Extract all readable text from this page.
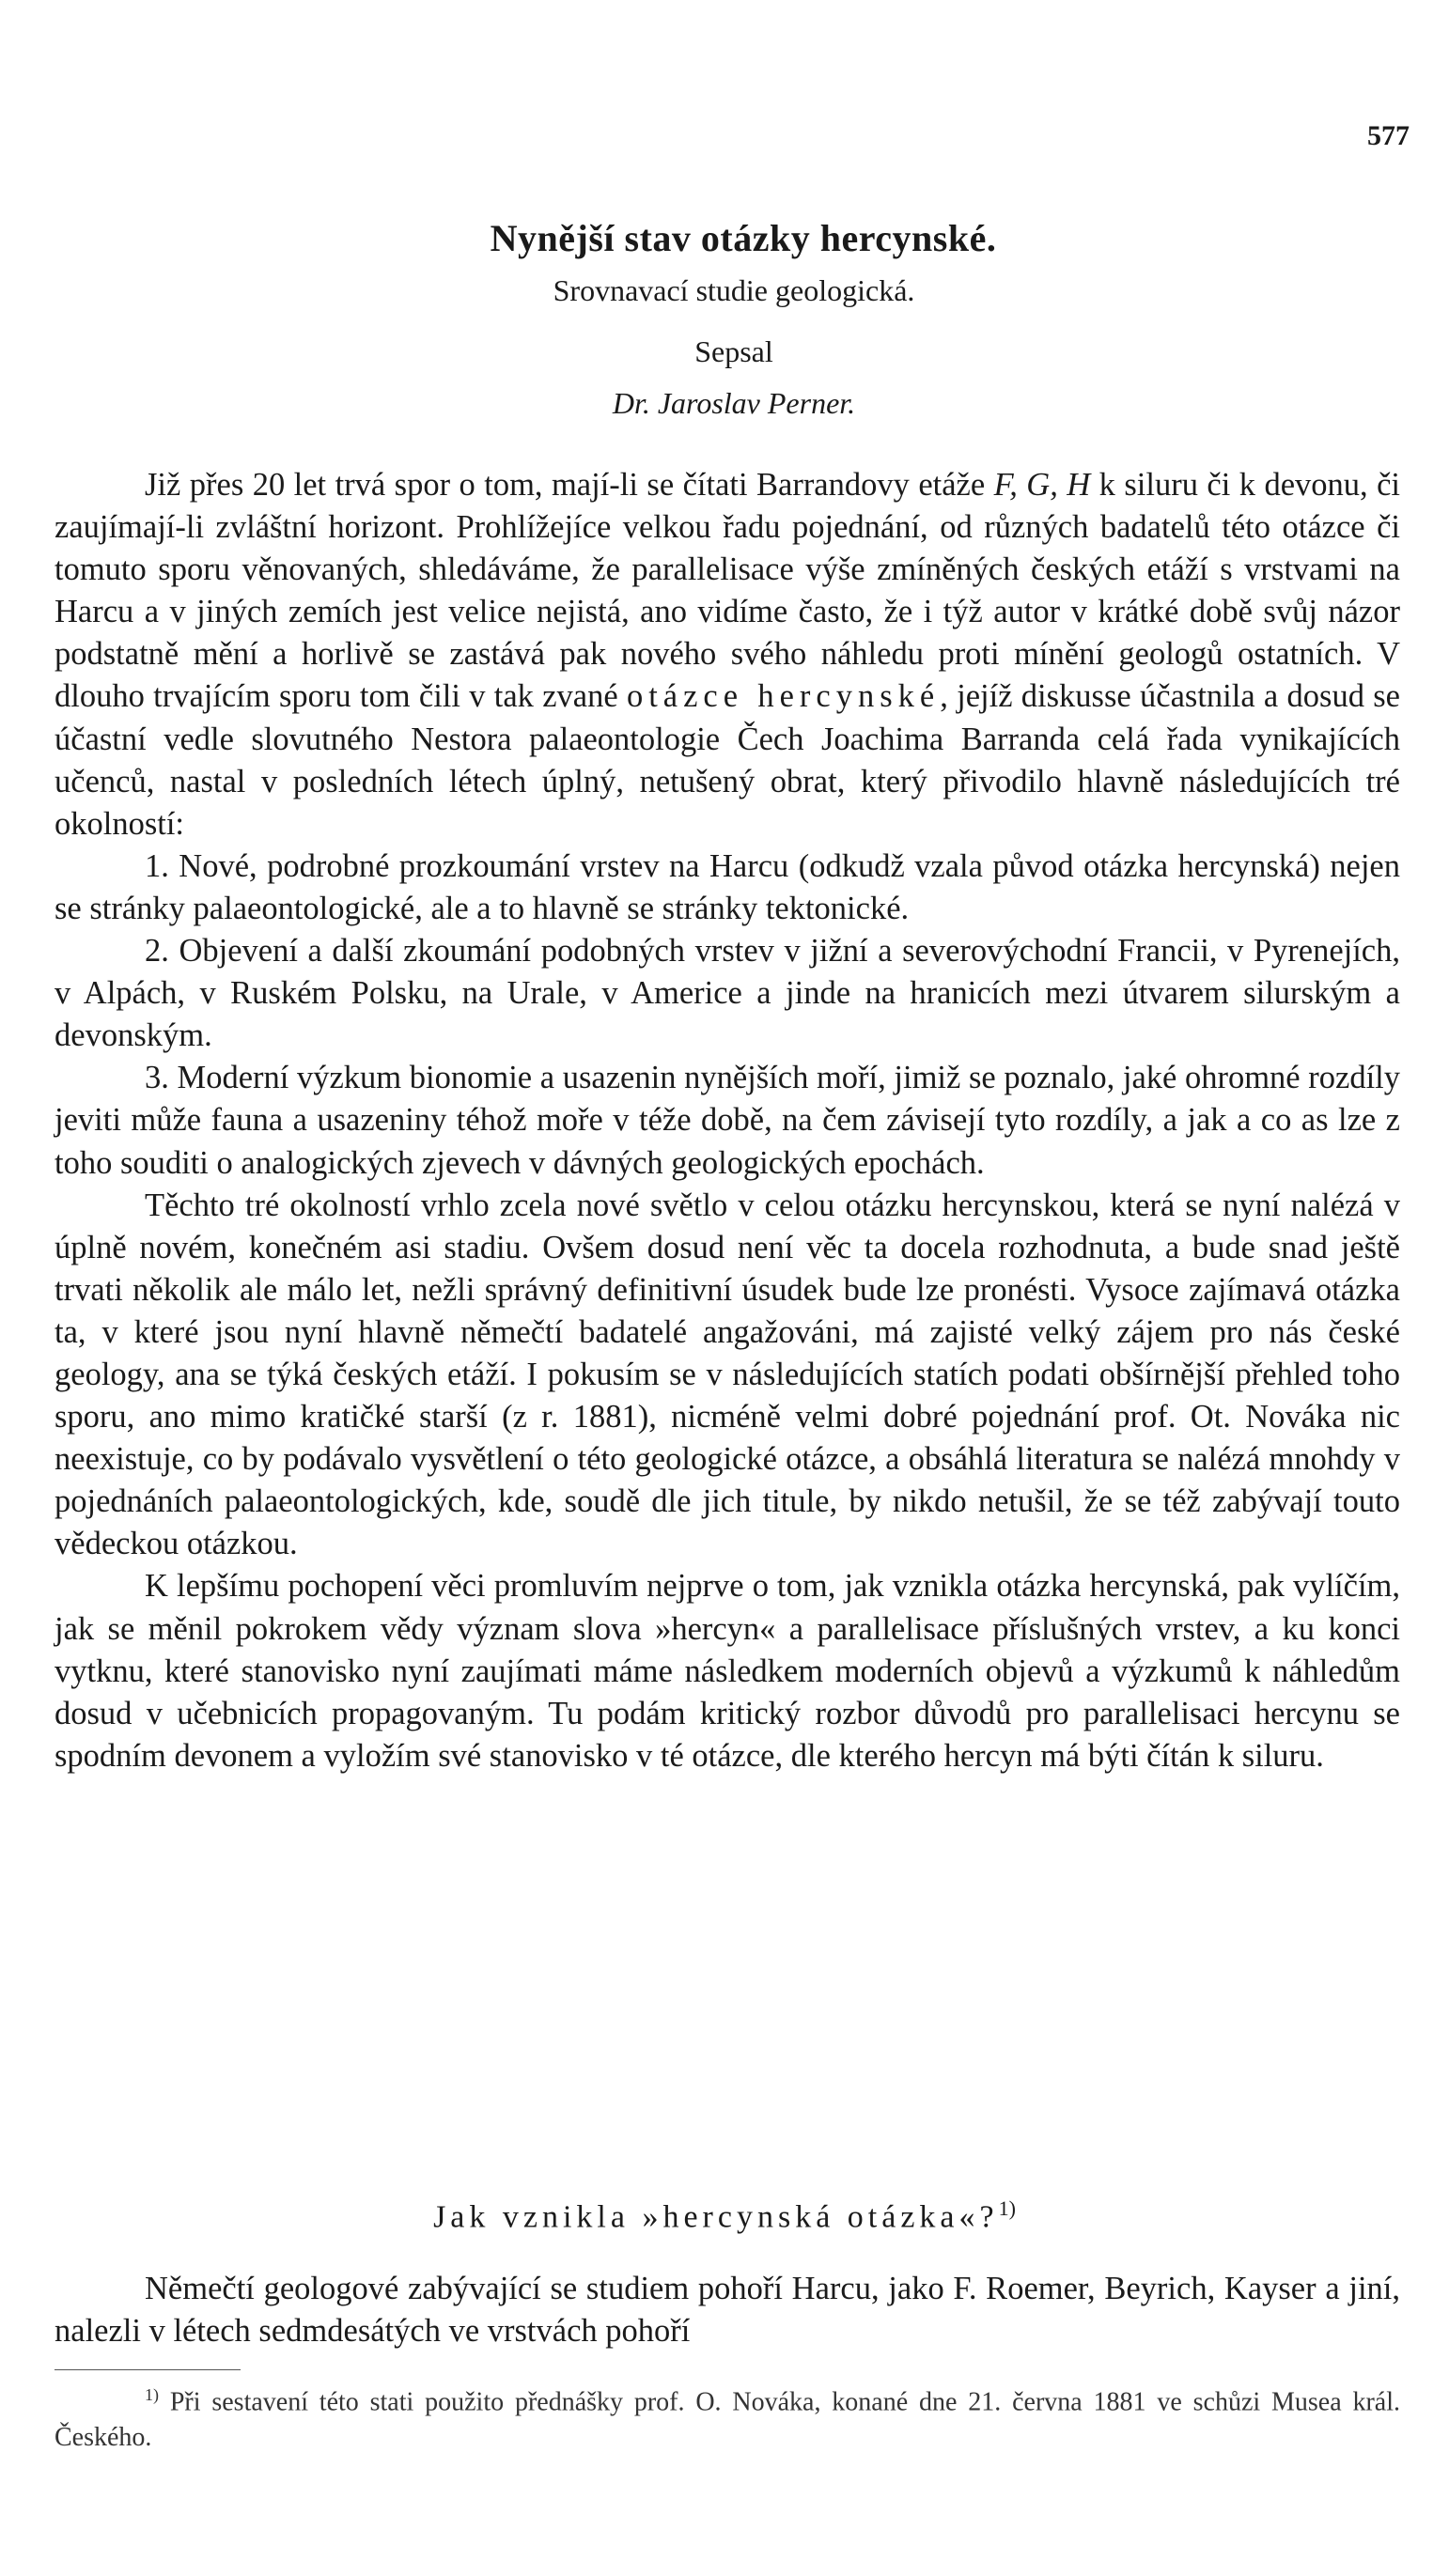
577
Nynější stav otázky hercynské.
Srovnavací studie geologická.
Sepsal
Dr. Jaroslav Perner.

Již přes 20 let trvá spor o tom, mají-li se čítati Barrandovy etáže F, G, H k siluru či k devonu, či zaujímají-li zvláštní horizont. Prohlížejíce velkou řadu pojednání, od různých badatelů této otázce či tomuto sporu věnovaných, shledáváme, že parallelisace výše zmíněných českých etáží s vrstvami na Harcu a v jiných zemích jest velice nejistá, ano vidíme často, že i týž autor v krátké době svůj názor podstatně mění a horlivě se zastává pak nového svého náhledu proti mínění geologů ostatních. V dlouho trvajícím sporu tom čili v tak zvané otázce hercynské, jejíž diskusse účastnila a dosud se účastní vedle slovutného Nestora palaeontologie Čech Joachima Barranda celá řada vynikajících učenců, nastal v posledních létech úplný, netušený obrat, který přivodilo hlavně následujících tré okolností:

1. Nové, podrobné prozkoumání vrstev na Harcu (odkudž vzala původ otázka hercynská) nejen se stránky palaeontologické, ale a to hlavně se stránky tektonické.

2. Objevení a další zkoumání podobných vrstev v jižní a severovýchodní Francii, v Pyrenejích, v Alpách, v Ruském Polsku, na Urale, v Americe a jinde na hranicích mezi útvarem silurským a devonským.

3. Moderní výzkum bionomie a usazenin nynějších moří, jimiž se poznalo, jaké ohromné rozdíly jeviti může fauna a usazeniny téhož moře v téže době, na čem závisejí tyto rozdíly, a jak a co as lze z toho souditi o analogických zjevech v dávných geologických epochách.

Těchto tré okolností vrhlo zcela nové světlo v celou otázku hercynskou, která se nyní nalézá v úplně novém, konečném asi stadiu. Ovšem dosud není věc ta docela rozhodnuta, a bude snad ještě trvati několik ale málo let, nežli správný definitivní úsudek bude lze pronésti. Vysoce zajímavá otázka ta, v které jsou nyní hlavně němečtí badatelé angažováni, má zajisté velký zájem pro nás české geology, ana se týká českých etáží. I pokusím se v následujících statích podati obšírnější přehled toho sporu, ano mimo kratičké starší (z r. 1881), nicméně velmi dobré pojednání prof. Ot. Nováka nic neexistuje, co by podávalo vysvětlení o této geologické otázce, a obsáhlá literatura se nalézá mnohdy v pojednáních palaeontologických, kde, soudě dle jich titule, by nikdo netušil, že se též zabývají touto vědeckou otázkou.

K lepšímu pochopení věci promluvím nejprve o tom, jak vznikla otázka hercynská, pak vylíčím, jak se měnil pokrokem vědy význam slova »hercyn« a parallelisace příslušných vrstev, a ku konci vytknu, které stanovisko nyní zaujímati máme následkem moderních objevů a výzkumů k náhledům dosud v učebnicích propagovaným. Tu podám kritický rozbor důvodů pro parallelisaci hercynu se spodním devonem a vyložím své stanovisko v té otázce, dle kterého hercyn má býti čítán k siluru.

Jak vznikla »hercynská otázka«?$^{1)}$

Němečtí geologové zabývající se studiem pohoří Harcu, jako F. Roemer, Beyrich, Kayser a jiní, nalezli v létech sedmdesátých ve vrstvách pohoří

$^{1)}$ Při sestavení této stati použito přednášky prof. O. Nováka, konané dne 21. června 1881 ve schůzi Musea král. Českého.
